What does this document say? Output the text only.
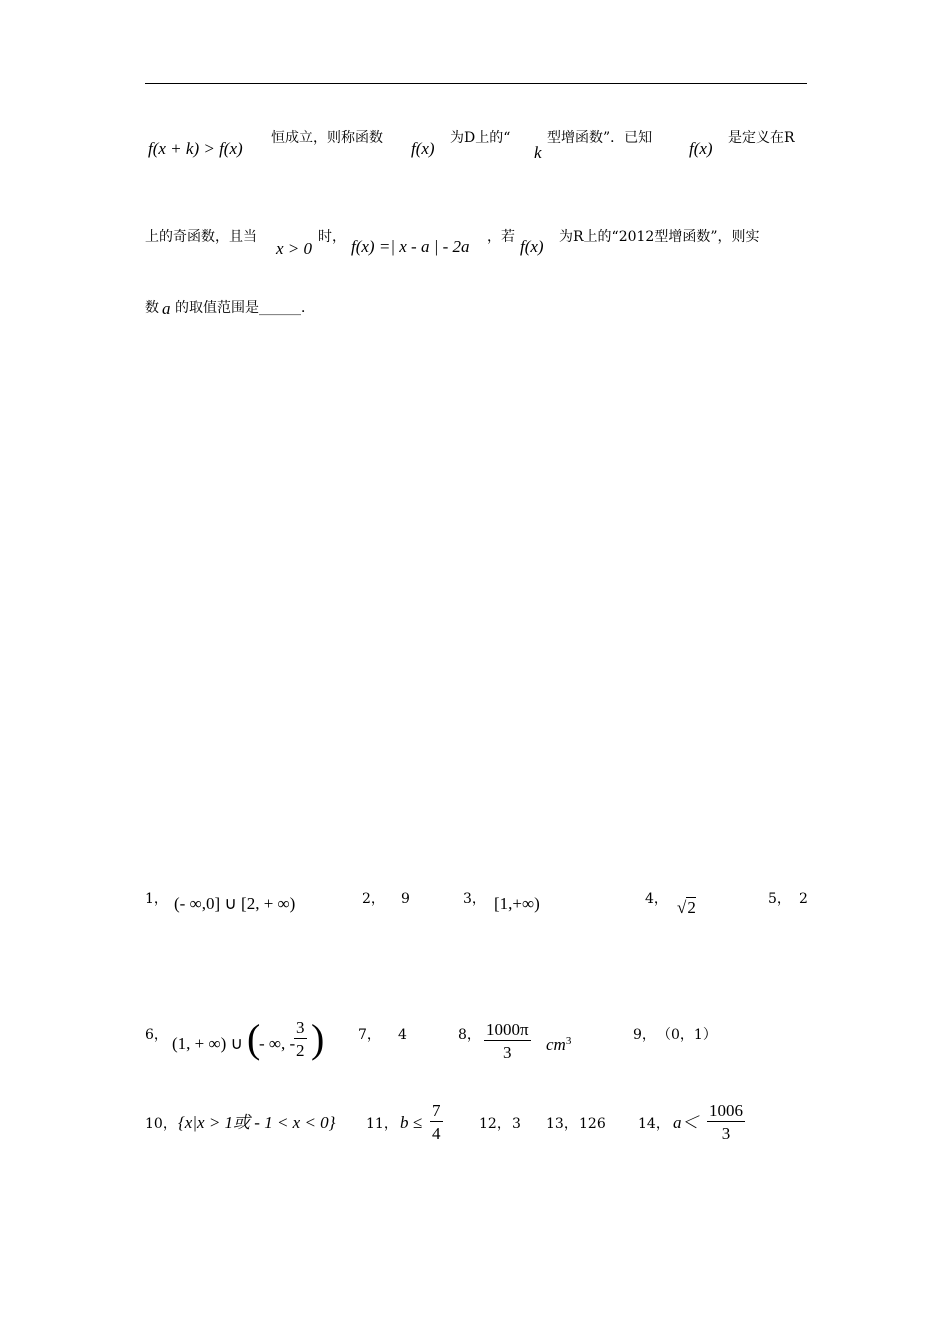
f(x + k) > f(x)
恒成立，则称函数
f(x)
为D上的“
k
型增函数”．已知
f(x)
是定义在R
上的奇函数，且当
x > 0
时， f(x) =| x - a | - 2a ，若 f(x) 为R上的“2012型增函数”，则实
数 a 的取值范围是______．
1， (- ∞,0] ∪ [2, + ∞)	2， 9	3， [1,+∞)	4， √2	5， 2
6， (1, + ∞) ∪ (
- ∞, -
$\frac{3}{2}$ ) 7， 4	8， $\frac{1000\pi}{3} cm^3$	9， （0，1）
10， {x|x > 1或 - 1 < x < 0} 11， $b \le \frac{7}{4}$	12， 3 13， 126 14， $a< \frac{1006}{3}$
